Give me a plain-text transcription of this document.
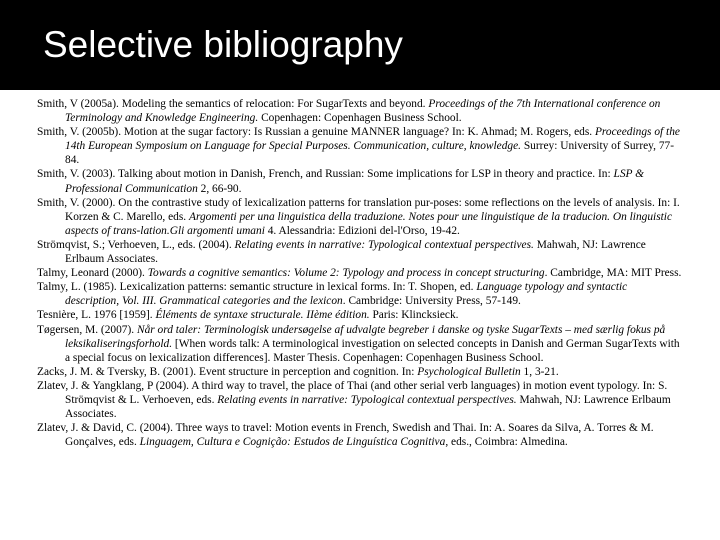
Selective bibliography

Smith, V (2005a). Modeling the semantics of relocation: For SugarTexts and beyond. Proceedings of the 7th International conference on Terminology and Knowledge Engineering. Copenhagen: Copenhagen Business School.

Smith, V. (2005b). Motion at the sugar factory: Is Russian a genuine MANNER language? In: K. Ahmad; M. Rogers, eds. Proceedings of the 14th European Symposium on Language for Special Purposes. Communication, culture, knowledge. Surrey: University of Surrey, 77-84.

Smith, V. (2003). Talking about motion in Danish, French, and Russian: Some implications for LSP in theory and practice. In: LSP & Professional Communication 2, 66-90.

Smith, V. (2000). On the contrastive study of lexicalization patterns for translation pur-poses: some reflections on the levels of analysis. In: I. Korzen & C. Marello, eds. Argomenti per una linguistica della traduzione. Notes pour une linguistique de la traducion. On linguistic aspects of trans-lation.Gli argomenti umani 4. Alessandria: Edizioni del-l'Orso, 19-42.

Strömqvist, S.; Verhoeven, L., eds. (2004). Relating events in narrative: Typological contextual perspectives. Mahwah, NJ: Lawrence Erlbaum Associates.

Talmy, Leonard (2000). Towards a cognitive semantics: Volume 2: Typology and process in concept structuring. Cambridge, MA: MIT Press.

Talmy, L. (1985). Lexicalization patterns: semantic structure in lexical forms. In: T. Shopen, ed. Language typology and syntactic description, Vol. III. Grammatical categories and the lexicon. Cambridge: University Press, 57-149.

Tesnière, L. 1976 [1959]. Éléments de syntaxe structurale. IIème édition. Paris: Klincksieck.

Tøgersen, M. (2007). Når ord taler: Terminologisk undersøgelse af udvalgte begreber i danske og tyske SugarTexts – med særlig fokus på leksikaliseringsforhold. [When words talk: A terminological investigation on selected concepts in Danish and German SugarTexts with a special focus on lexicalization differences]. Master Thesis. Copenhagen: Copenhagen Business School.

Zacks, J. M. & Tversky, B. (2001). Event structure in perception and cognition. In: Psychological Bulletin 1, 3-21.

Zlatev, J. & Yangklang, P (2004). A third way to travel, the place of Thai (and other serial verb languages) in motion event typology. In: S. Strömqvist & L. Verhoeven, eds. Relating events in narrative: Typological contextual perspectives. Mahwah, NJ: Lawrence Erlbaum Associates.

Zlatev, J. & David, C. (2004). Three ways to travel: Motion events in French, Swedish and Thai. In: A. Soares da Silva, A. Torres & M. Gonçalves, eds. Linguagem, Cultura e Cognição: Estudos de Linguística Cognitiva, eds., Coimbra: Almedina.
